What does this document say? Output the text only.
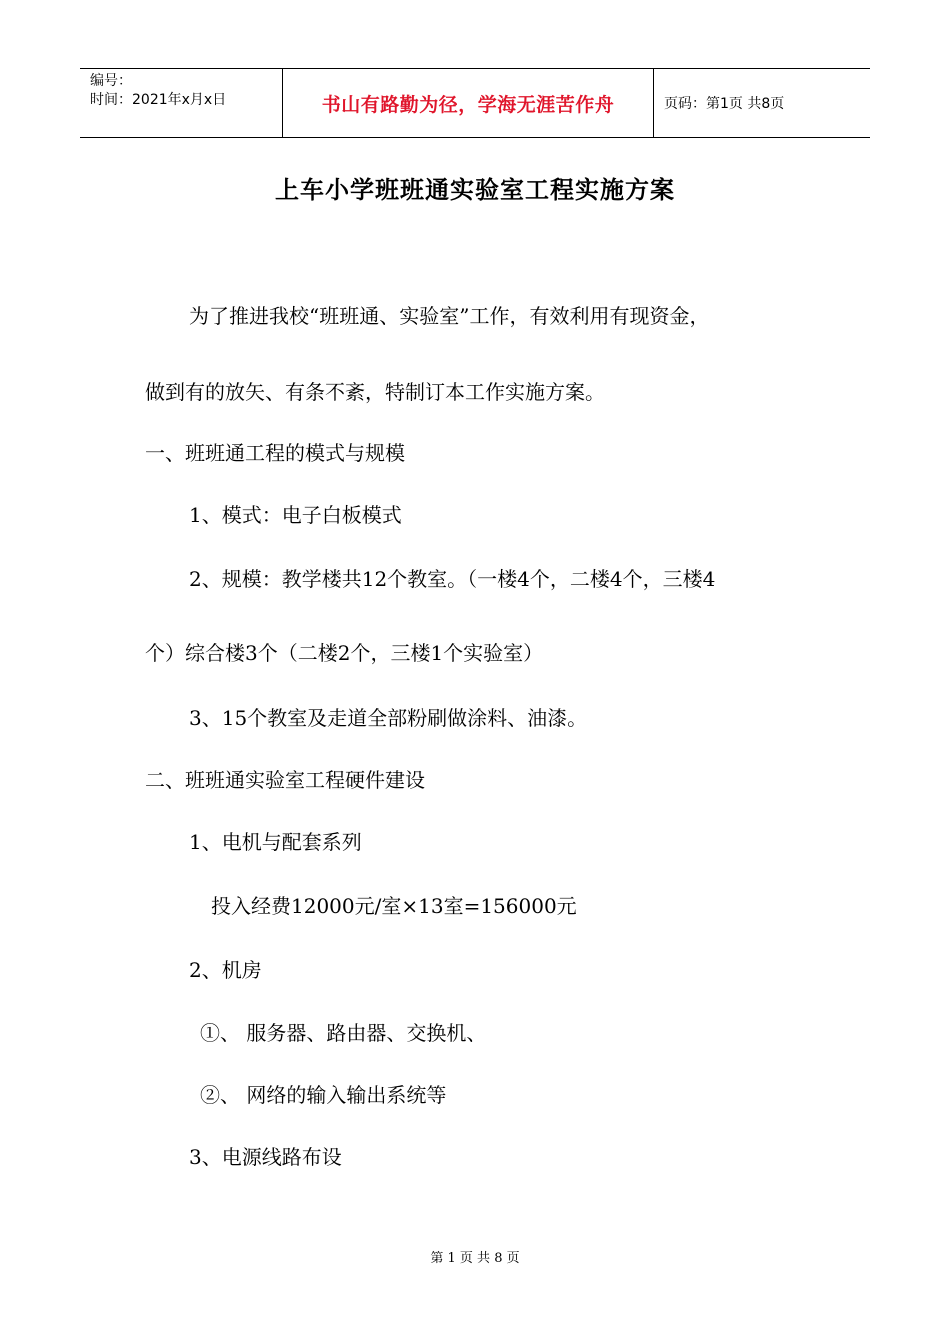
编号：
时间：2021年x月x日	书山有路勤为径，学海无涯苦作舟	页码：第1页 共8页
上车小学班班通实验室工程实施方案
为了推进我校“班班通、实验室”工作，有效利用有现资金，
做到有的放矢、有条不紊，特制订本工作实施方案。
一、班班通工程的模式与规模
1、模式：电子白板模式
2、规模：教学楼共12个教室。（一楼4个，二楼4个，三楼4
个）综合楼3个（二楼2个，三楼1个实验室）
3、15个教室及走道全部粉刷做涂料、油漆。
二、班班通实验室工程硬件建设
1、电机与配套系列
投入经费12000元/室×13室=156000元
2、机房
①、 服务器、路由器、交换机、
②、 网络的输入输出系统等
3、电源线路布设
第 1 页 共 8 页
